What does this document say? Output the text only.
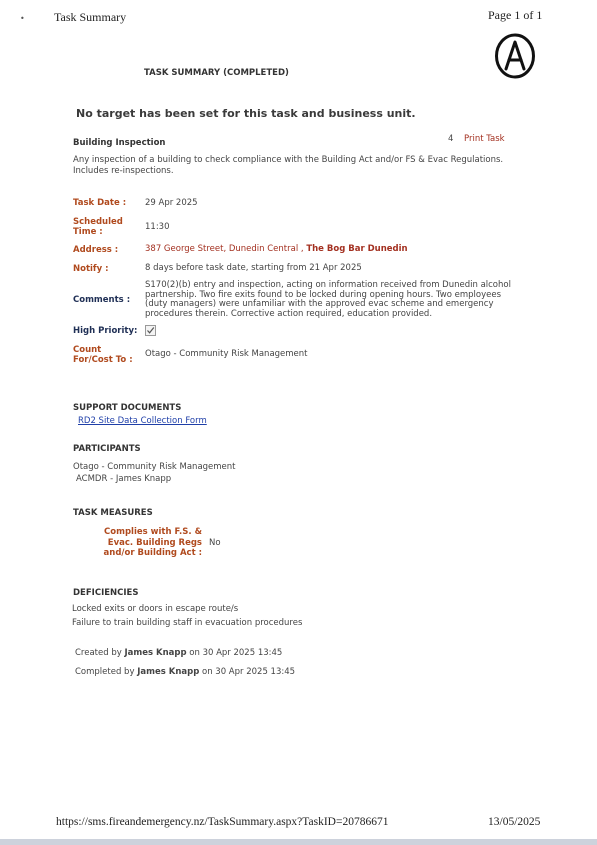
• Task Summary	Page 1 of 1
TASK SUMMARY (COMPLETED)
No target has been set for this task and business unit.
Building Inspection	4 Print Task
Any inspection of a building to check compliance with the Building Act and/or FS & Evac Regulations. Includes re-inspections.
Task Date :	29 Apr 2025
Scheduled Time :	11:30
Address :	387 George Street, Dunedin Central , The Bog Bar Dunedin
Notify :	8 days before task date, starting from 21 Apr 2025
Comments :
S170(2)(b) entry and inspection, acting on information received from Dunedin alcohol partnership. Two fire exits found to be locked during opening hours. Two employees (duty managers) were unfamiliar with the approved evac scheme and emergency procedures therein. Corrective action required, education provided.
High Priority:
Count For/Cost To :
Otago - Community Risk Management
SUPPORT DOCUMENTS
RD2 Site Data Collection Form
PARTICIPANTS
Otago - Community Risk Management
ACMDR - James Knapp
TASK MEASURES
Complies with F.S. & Evac. Building Regs and/or Building Act :
No
DEFICIENCIES
Locked exits or doors in escape route/s
Failure to train building staff in evacuation procedures
Created by James Knapp on 30 Apr 2025 13:45
Completed by James Knapp on 30 Apr 2025 13:45
https://sms.fireandemergency.nz/TaskSummary.aspx?TaskID=20786671	13/05/2025
